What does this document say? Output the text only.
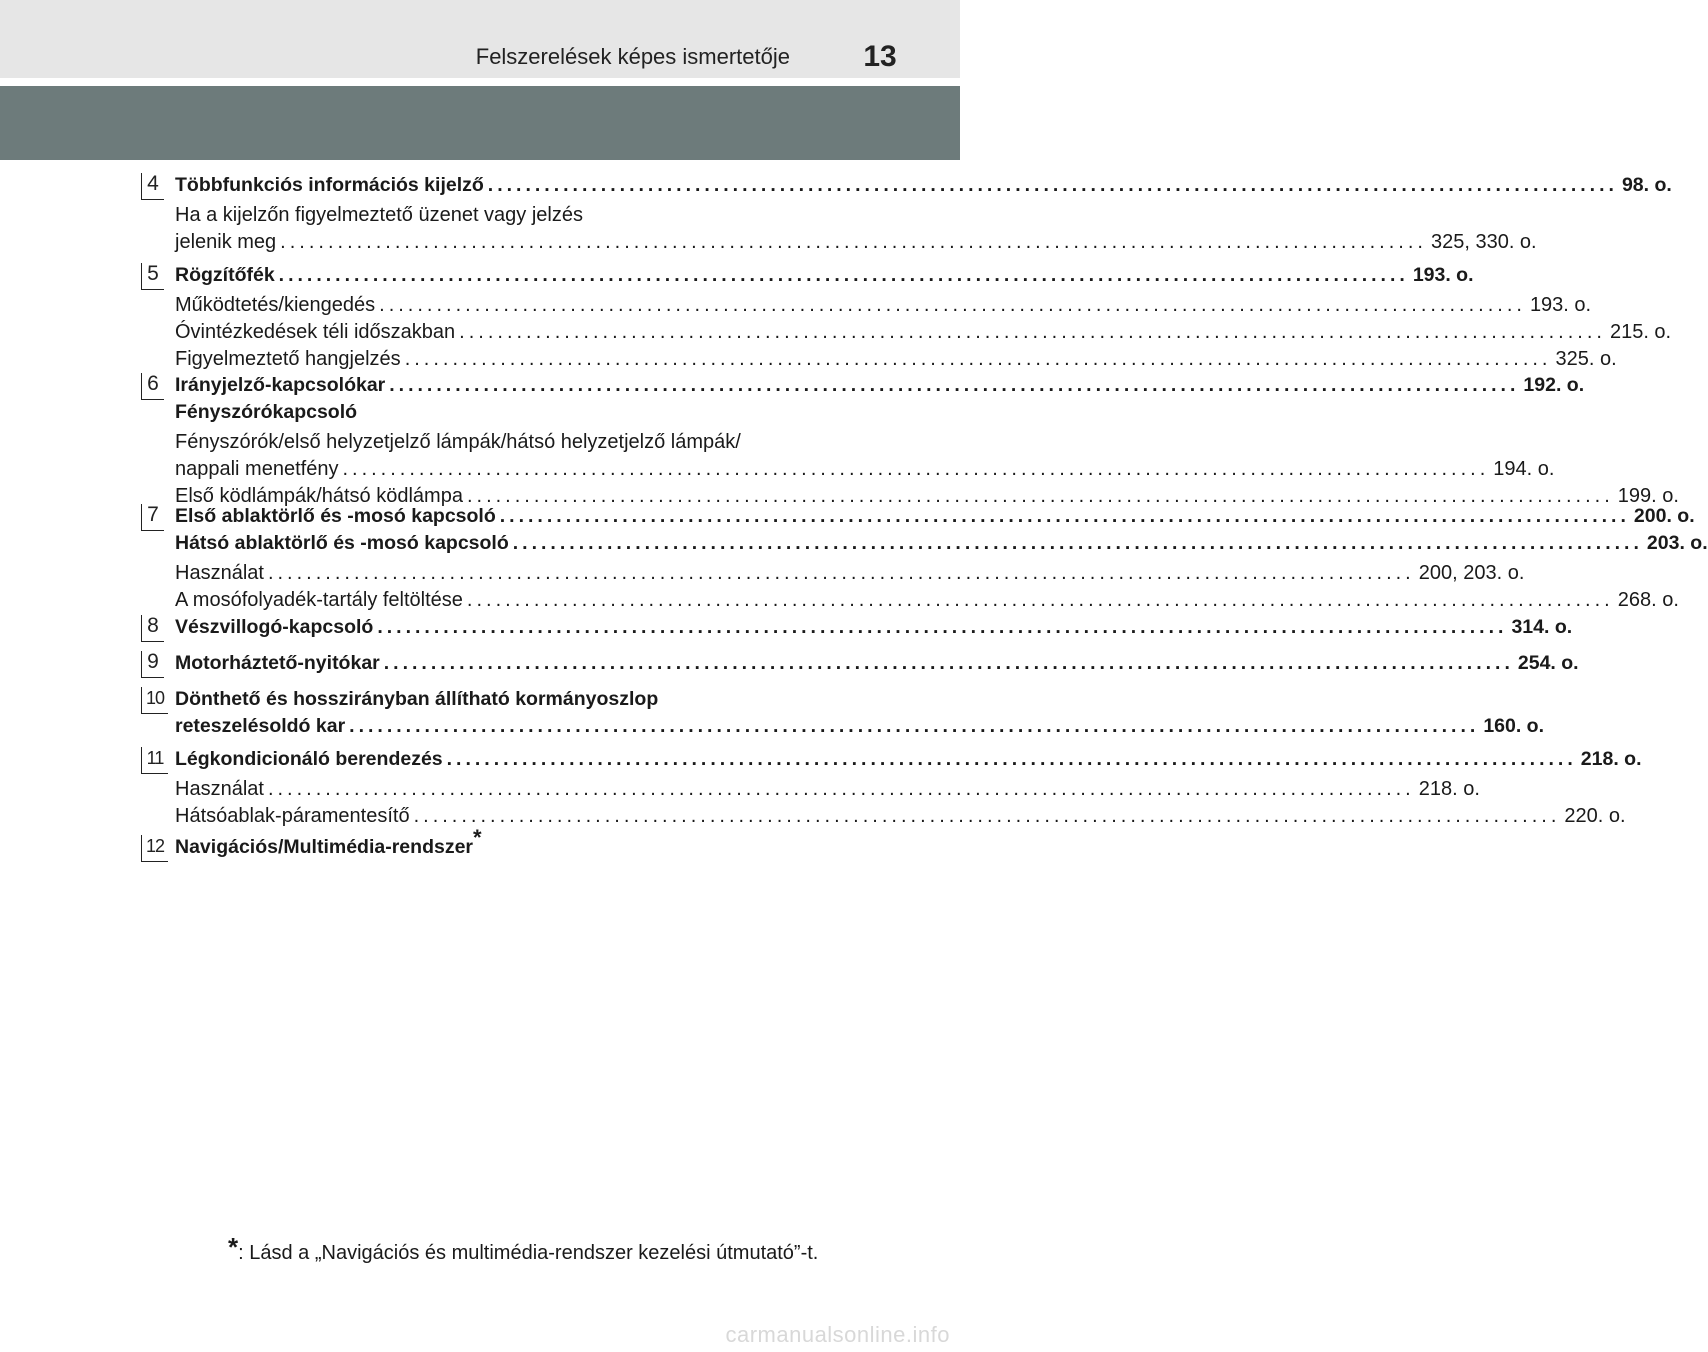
Felszerelések képes ismertetője	13
4 Többfunkciós információs kijelző ........................................................................................................................ 98. o.
Ha a kijelzőn figyelmeztető üzenet vagy jelzés
jelenik meg ........................................................................................................................ 325, 330. o.
5 Rögzítőfék ........................................................................................................................ 193. o.
Működtetés/kiengedés ........................................................................................................................ 193. o.
Óvintézkedések téli időszakban ........................................................................................................................ 215. o.
Figyelmeztető hangjelzés ........................................................................................................................ 325. o.
6 Irányjelző-kapcsolókar ........................................................................................................................ 192. o.
Fényszórókapcsoló
Fényszórók/első helyzetjelző lámpák/hátsó helyzetjelző lámpák/
nappali menetfény ........................................................................................................................ 194. o.
Első ködlámpák/hátsó ködlámpa ........................................................................................................................ 199. o.
7 Első ablaktörlő és -mosó kapcsoló ........................................................................................................................ 200. o.
Hátsó ablaktörlő és -mosó kapcsoló ........................................................................................................................ 203. o.
Használat ........................................................................................................................ 200, 203. o.
A mosófolyadék-tartály feltöltése ........................................................................................................................ 268. o.
8 Vészvillogó-kapcsoló ........................................................................................................................ 314. o.
9 Motorháztető-nyitókar ........................................................................................................................ 254. o.
10 Dönthető és hosszirányban állítható kormányoszlop
reteszelésoldó kar ........................................................................................................................ 160. o.
11 Légkondicionáló berendezés ........................................................................................................................ 218. o.
Használat ........................................................................................................................ 218. o.
Hátsóablak-páramentesítő ........................................................................................................................ 220. o.
12 Navigációs/Multimédia-rendszer*
*: Lásd a „Navigációs és multimédia-rendszer kezelési útmutató”-t.
carmanualsonline.info
